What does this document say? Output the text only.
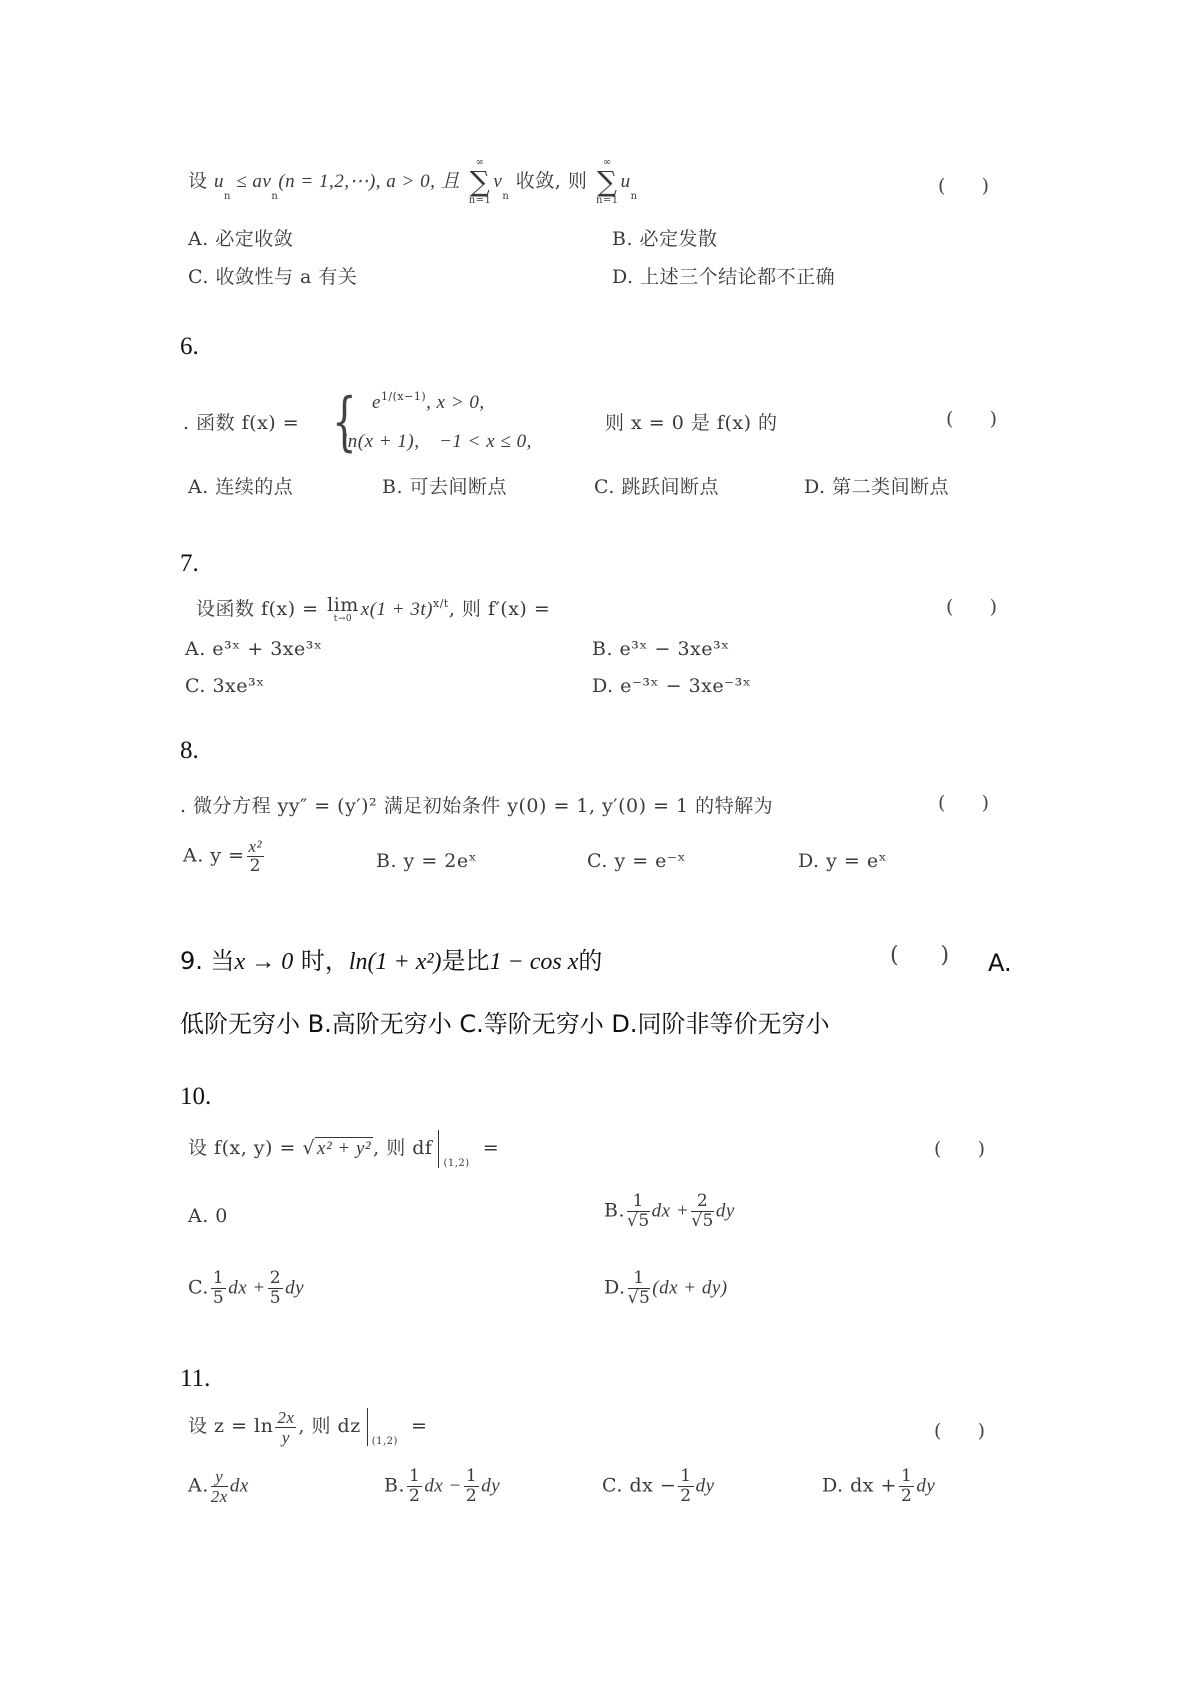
设 $u_n \le av_n(n$ = 1,2,⋯), a > 0, 且
∞
∑
n=1
$v_n$ 收敛, 则
∞
∑
n=1
$u_n$	(      )
A. 必定收敛	B. 必定发散
C. 收敛性与 a 有关	D. 上述三个结论都不正确
6.
. 函数 f(x) = { $e^{1/(x-1)}$, x > 0,
ln(x + 1), −1 < x ≤ 0,
则 x = 0 是 f(x) 的	(      )
A. 连续的点	B. 可去间断点	C. 跳跃间断点	D. 第二类间断点
7.
设函数 f(x) = lim
t→0 $x(1 + 3t)^{x/t}$, 则 f′(x) =	(      )
A. e³ˣ + 3xe³ˣ	B. e³ˣ − 3xe³ˣ
C. 3xe³ˣ	D. e⁻³ˣ − 3xe⁻³ˣ
8.
. 微分方程 yy″ = (y′)² 满足初始条件 y(0) = 1, y′(0) = 1 的特解为	(      )
A. $y = \frac{\text{x²}}{2}$	B. y = 2eˣ	C. y = e⁻ˣ	D. y = eˣ
9. 当x → 0 时，ln(1 + x²)是比1 − cos x的	(      ) A.
低阶无穷小 B.高阶无穷小 C.等阶无穷小 D.同阶非等价无穷小
10.
设 f(x, y) = √ x² + y² , 则 $df_{(1,2)}$  =	(      )
A. 0	B. $\frac{1}{√5}$ dx + $\frac{2}{√5}$ dy
C. $\frac{1}{5}$ dx + $\frac{2}{5}$ dy	D. $\frac{1}{√5} (dx + dy)$
11.
设 $z = \ln \frac{2x}{y}$ , 则 $dz_{(1,2)}$  =	(      )
A. $\frac{y}{2x}$ dx	B. $\frac{1}{2}$ dx − $\frac{1}{2}$ dy	C. dx − $\frac{1}{2}$ dy	D. dx + $\frac{1}{2}$ dy
